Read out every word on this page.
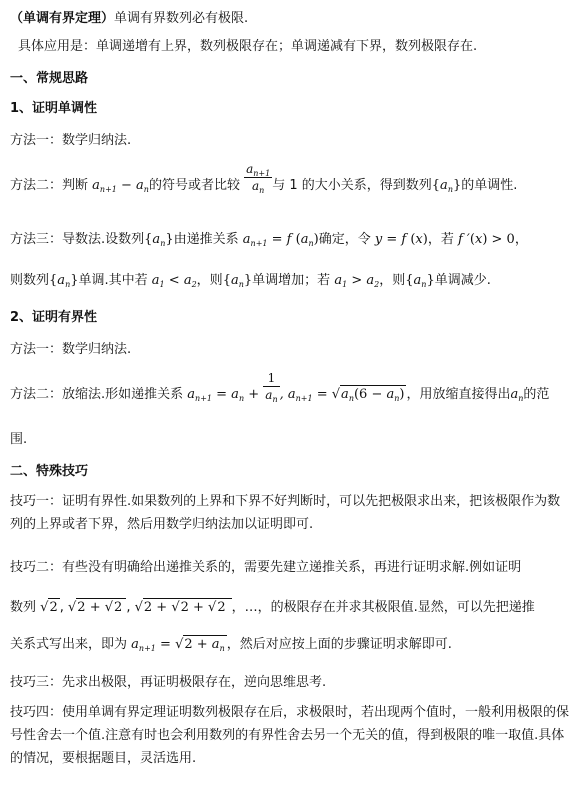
（单调有界定理）单调有界数列必有极限.
具体应用是：单调递增有上界，数列极限存在；单调递减有下界，数列极限存在.
一、常规思路
1、证明单调性
方法一：数学归纳法.
方法二：判断 $a_{n+1} - a_n$的符号或者比较 $\frac{a_{n+1}}{a_n}$ 与 1 的大小关系，得到数列$\{a_n\}$的单调性.
方法三：导数法.设数列$\{a_n\}$由递推关系 $a_{n+1} = f$ $(a_n)$确定，令 y = f (x)，若 f ′(x) > 0，
则数列$\{a_n\}$单调.其中若 $a_1 < a_2$，则$\{a_n\}$单调增加；若 $a_1 > a_2$，则$\{a_n\}$单调减少.
2、证明有界性
方法一：数学归纳法.
方法二：放缩法.形如递推关系 $a_{n+1} = a_n + \frac{1}{a_n}$ , $a_{n+1} = √a_n(6 - a_n)$ ，用放缩直接得出$a_n$的范
围.
二、特殊技巧
技巧一：证明有界性.如果数列的上界和下界不好判断时，可以先把极限求出来，把该极限作为数列的上界或者下界，然后用数学归纳法加以证明即可.
技巧二：有些没有明确给出递推关系的，需要先建立递推关系，再进行证明求解.例如证明
数列 √2 , √2 + √2 , √2 + √2 + √2 ，…，的极限存在并求其极限值.显然，可以先把递推
关系式写出来，即为 $a_{n+1} = √2 + a_n$ ，然后对应按上面的步骤证明求解即可.
技巧三：先求出极限，再证明极限存在，逆向思维思考.
技巧四：使用单调有界定理证明数列极限存在后，求极限时，若出现两个值时，一般利用极限的保号性舍去一个值.注意有时也会利用数列的有界性舍去另一个无关的值，得到极限的唯一取值.具体的情况，要根据题目，灵活选用.
